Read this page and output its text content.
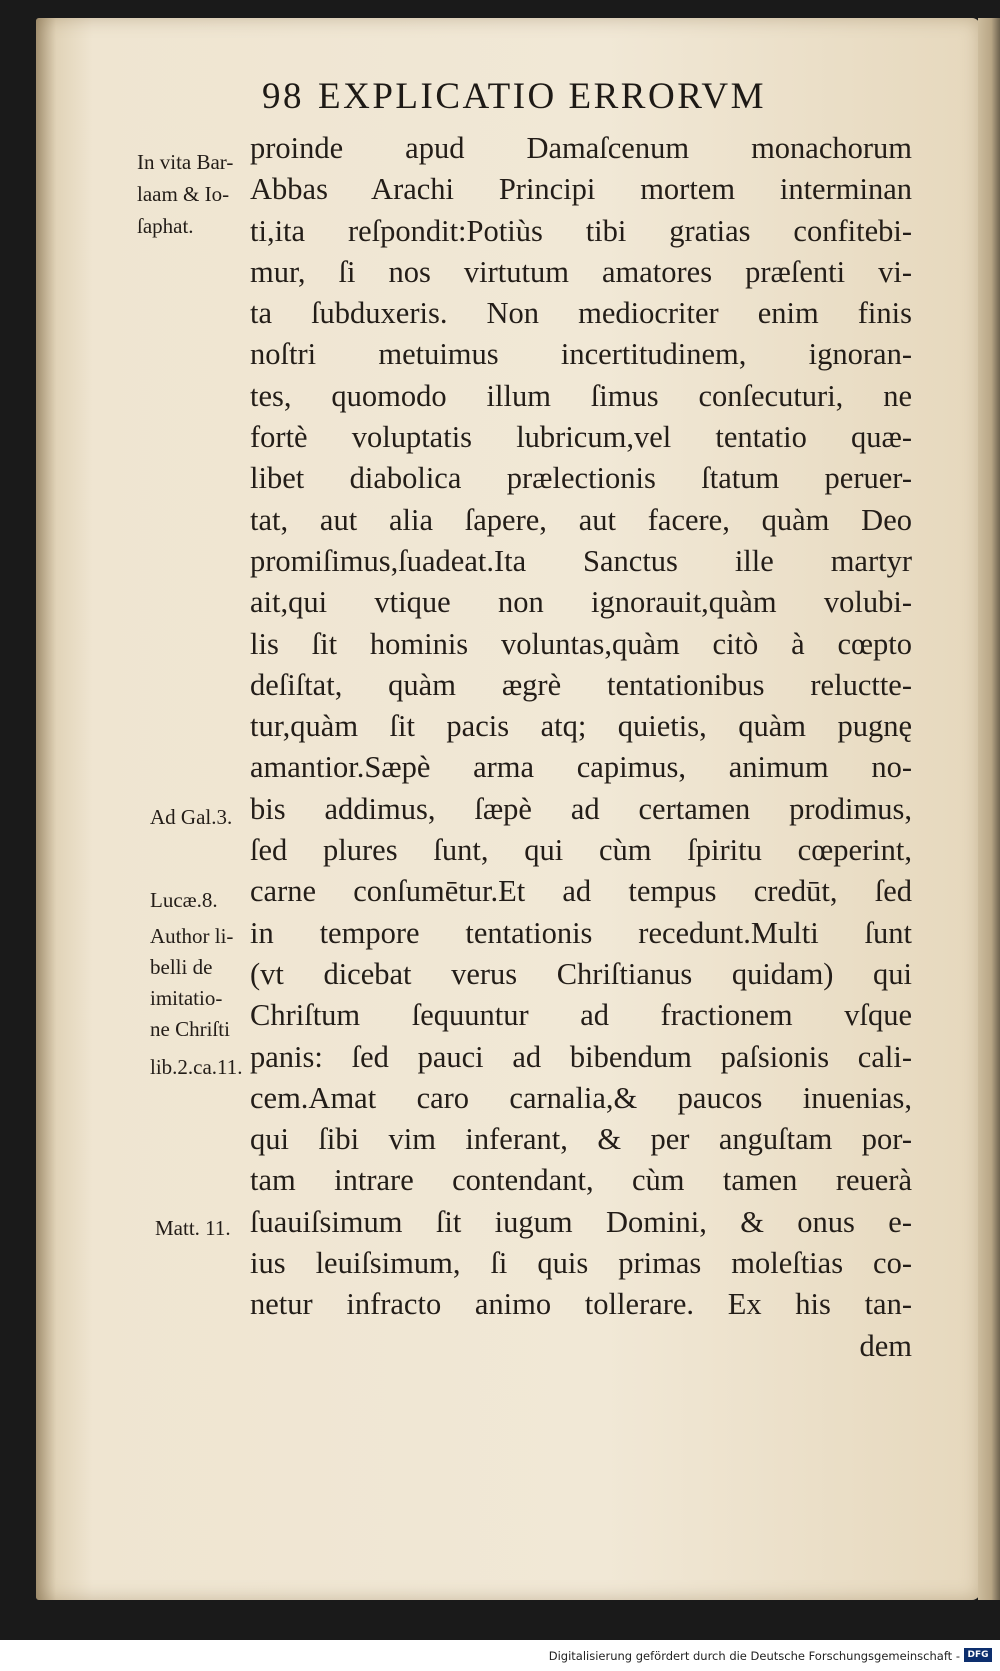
98 EXPLICATIO ERRORVM
proinde apud Damaſcenum monachorum
Abbas Arachi Principi mortem interminan
ti,ita reſpondit:Potiùs tibi gratias confitebi-
mur, ſi nos virtutum amatores præſenti vi-
ta ſubduxeris. Non mediocriter enim finis
noſtri metuimus incertitudinem, ignoran-
tes, quomodo illum ſimus conſecuturi, ne
fortè voluptatis lubricum,vel tentatio quæ-
libet diabolica prælectionis ſtatum peruer-
tat, aut alia ſapere, aut facere, quàm Deo
promiſimus,ſuadeat.Ita Sanctus ille martyr
ait,qui vtique non ignorauit,quàm volubi-
lis ſit hominis voluntas,quàm citò à cœpto
deſiſtat, quàm ægrè tentationibus reluctte-
tur,quàm ſit pacis atq; quietis, quàm pugnę
amantior.Sæpè arma capimus, animum no-
bis addimus, ſæpè ad certamen prodimus,
ſed plures ſunt, qui cùm ſpiritu cœperint,
carne conſumētur.Et ad tempus credūt, ſed
in tempore tentationis recedunt.Multi ſunt
(vt dicebat verus Chriſtianus quidam) qui
Chriſtum ſequuntur ad fractionem vſque
panis: ſed pauci ad bibendum paſsionis cali-
cem.Amat caro carnalia,& paucos inuenias,
qui ſibi vim inferant, & per anguſtam por-
tam intrare contendant, cùm tamen reuerà
ſuauiſsimum ſit iugum Domini, & onus e-
ius leuiſsimum, ſi quis primas moleſtias co-
netur infracto animo tollerare. Ex his tan-
dem
In vita Bar-
laam & Io-
ſaphat.
Ad Gal.3.
Lucæ.8.
Author li-
belli de
imitatio-
ne Chriſti
lib.2.ca.11.
Matt. 11.
Digitalisierung gefördert durch die Deutsche Forschungsgemeinschaft - DFG
